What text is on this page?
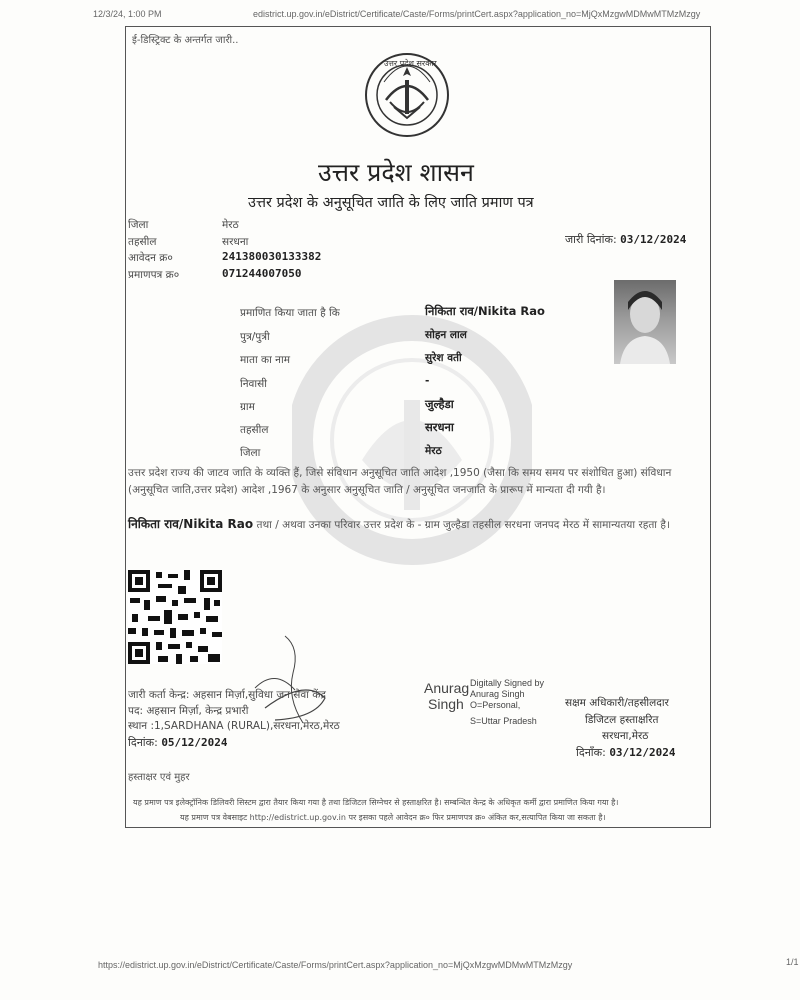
12/3/24, 1:00 PM	edistrict.up.gov.in/eDistrict/Certificate/Caste/Forms/printCert.aspx?application_no=MjQxMzgwMDMwMTMzMzgy
ई-डिस्ट्रिक्ट के अन्तर्गत जारी..
उत्तर प्रदेश सरकार
उत्तर प्रदेश शासन
उत्तर प्रदेश के अनुसूचित जाति के लिए जाति प्रमाण पत्र
जिला	मेरठ
तहसील	सरधना
आवेदन क्र०	241380030133382
प्रमाणपत्र क्र०	071244007050
जारी दिनांक: 03/12/2024
प्रमाणित किया जाता है कि	निकिता राव/Nikita Rao
पुत्र/पुत्री	सोहन लाल
माता का नाम	सुरेश वती
निवासी	-
ग्राम	जुल्हैडा
तहसील	सरधना
जिला	मेरठ
उत्तर प्रदेश राज्य की जाटव जाति के व्यक्ति हैं, जिसे संविधान अनुसूचित जाति आदेश ,1950 (जैसा कि समय समय पर संशोधित हुआ) संविधान (अनुसूचित जाति,उत्तर प्रदेश) आदेश ,1967 के अनुसार अनुसूचित जाति / अनुसूचित जनजाति के प्रारूप में मान्यता दी गयी है।
निकिता राव/Nikita Rao तथा / अथवा उनका परिवार उत्तर प्रदेश के - ग्राम जुल्हैडा तहसील सरधना जनपद मेरठ में सामान्यतया रहता है।
जारी कर्ता केन्द्र: अहसान मिर्ज़ा,सुविधा जन सेवा केंद्र
पद: अहसान मिर्ज़ा, केन्द्र प्रभारी
स्थान :1,SARDHANA (RURAL),सरधना,मेरठ,मेरठ
दिनांक: 05/12/2024
Anurag
Singh
Digitally Signed by
Anurag Singh
O=Personal,
S=Uttar Pradesh
सक्षम अधिकारी/तहसीलदार
डिजिटल हस्ताक्षरित
सरधना,मेरठ
दिनाँक: 03/12/2024
हस्ताक्षर एवं मुहर
यह प्रमाण पत्र इलेक्ट्रॉनिक डिलिवरी सिस्टम द्वारा तैयार किया गया है तथा डिजिटल सिग्नेचर से हस्ताक्षरित है। सम्बन्धित केन्द्र के अधिकृत कर्मी द्वारा प्रमाणित किया गया है।
यह प्रमाण पत्र वेबसाइट http://edistrict.up.gov.in पर इसका पहले आवेदन क्र० फिर प्रमाणपत्र क्र० अंकित कर,सत्यापित किया जा सकता है।
https://edistrict.up.gov.in/eDistrict/Certificate/Caste/Forms/printCert.aspx?application_no=MjQxMzgwMDMwMTMzMzgy	1/1
